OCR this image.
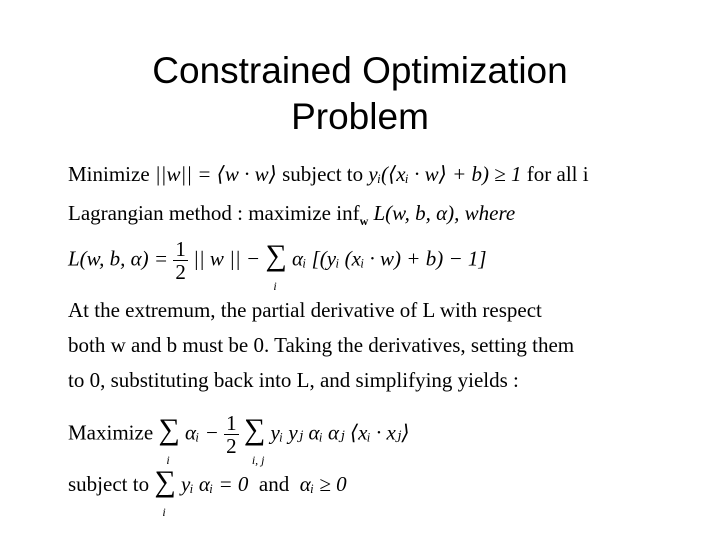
Constrained Optimization
Problem
Minimize ||w|| = ⟨w · w⟩ subject to yᵢ(⟨xᵢ · w⟩ + b) ≥ 1 for all i
Lagrangian method : maximize inf$_w$ L(w, b, α), where
L(w, b, $\alpha) = \frac{1}{2}$ || w || − ∑
i
αᵢ [(yᵢ (xᵢ · w) + b) − 1]
At the extremum, the partial derivative of L with respect
both w and b must be 0. Taking the derivatives, setting them
to 0, substituting back into L, and simplifying yields :
Maximize ∑
i
αᵢ − $\frac{1}{2}$ ∑
i, j
yᵢ yⱼ αᵢ αⱼ ⟨xᵢ · xⱼ⟩
subject to ∑
i
yᵢ αᵢ = 0 and αᵢ ≥ 0
